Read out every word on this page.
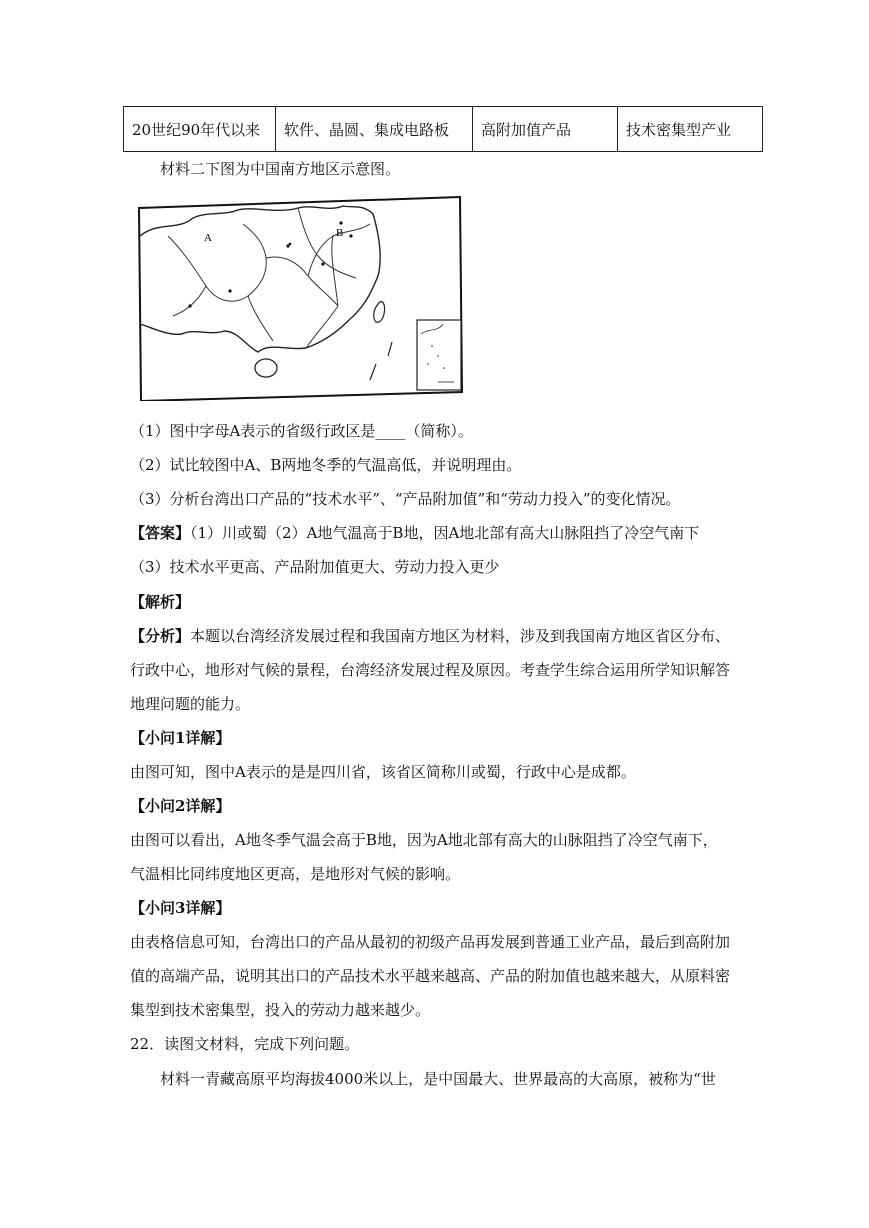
20世纪90年代以来	软件、晶圆、集成电路板	高附加值产品	技术密集型产业
材料二下图为中国南方地区示意图。
A	B
（1）图中字母A表示的省级行政区是____（简称）。
（2）试比较图中A、B两地冬季的气温高低，并说明理由。
（3）分析台湾出口产品的“技术水平”、“产品附加值”和“劳动力投入”的变化情况。
【答案】（1）川或蜀（2）A地气温高于B地，因A地北部有高大山脉阻挡了冷空气南下
（3）技术水平更高、产品附加值更大、劳动力投入更少
【解析】
【分析】本题以台湾经济发展过程和我国南方地区为材料，涉及到我国南方地区省区分布、
行政中心，地形对气候的景程，台湾经济发展过程及原因。考查学生综合运用所学知识解答
地理问题的能力。
【小问1详解】
由图可知，图中A表示的是是四川省，该省区简称川或蜀，行政中心是成都。
【小问2详解】
由图可以看出，A地冬季气温会高于B地，因为A地北部有高大的山脉阻挡了冷空气南下，
气温相比同纬度地区更高，是地形对气候的影响。
【小问3详解】
由表格信息可知，台湾出口的产品从最初的初级产品再发展到普通工业产品，最后到高附加
值的高端产品，说明其出口的产品技术水平越来越高、产品的附加值也越来越大，从原料密
集型到技术密集型，投入的劳动力越来越少。
22．读图文材料，完成下列问题。
材料一青藏高原平均海拔4000米以上，是中国最大、世界最高的大高原，被称为“世
